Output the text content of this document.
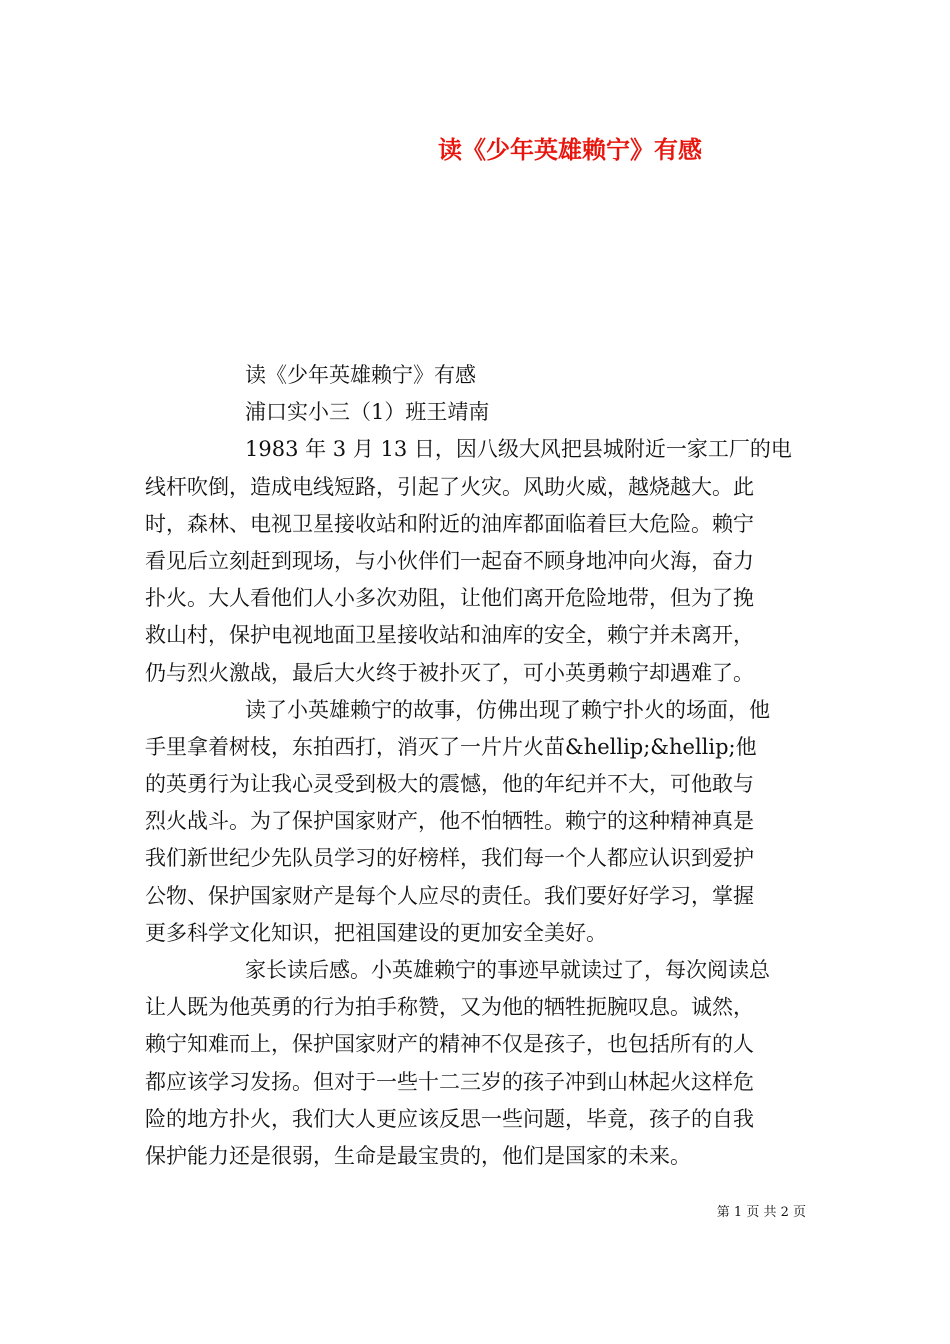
读《少年英雄赖宁》有感
读《少年英雄赖宁》有感
浦口实小三（1）班王靖南
1983 年 3 月 13 日，因八级大风把县城附近一家工厂的电
线杆吹倒，造成电线短路，引起了火灾。风助火威，越烧越大。此
时，森林、电视卫星接收站和附近的油库都面临着巨大危险。赖宁
看见后立刻赶到现场，与小伙伴们一起奋不顾身地冲向火海，奋力
扑火。大人看他们人小多次劝阻，让他们离开危险地带，但为了挽
救山村，保护电视地面卫星接收站和油库的安全，赖宁并未离开，
仍与烈火激战，最后大火终于被扑灭了，可小英勇赖宁却遇难了。
读了小英雄赖宁的故事，仿佛出现了赖宁扑火的场面，他
手里拿着树枝，东拍西打，消灭了一片片火苗&hellip;&hellip;他
的英勇行为让我心灵受到极大的震憾，他的年纪并不大，可他敢与
烈火战斗。为了保护国家财产，他不怕牺牲。赖宁的这种精神真是
我们新世纪少先队员学习的好榜样，我们每一个人都应认识到爱护
公物、保护国家财产是每个人应尽的责任。我们要好好学习，掌握
更多科学文化知识，把祖国建设的更加安全美好。
家长读后感。小英雄赖宁的事迹早就读过了，每次阅读总
让人既为他英勇的行为拍手称赞，又为他的牺牲扼腕叹息。诚然，
赖宁知难而上，保护国家财产的精神不仅是孩子，也包括所有的人
都应该学习发扬。但对于一些十二三岁的孩子冲到山林起火这样危
险的地方扑火，我们大人更应该反思一些问题，毕竟，孩子的自我
保护能力还是很弱，生命是最宝贵的，他们是国家的未来。
第 1 页 共 2 页
